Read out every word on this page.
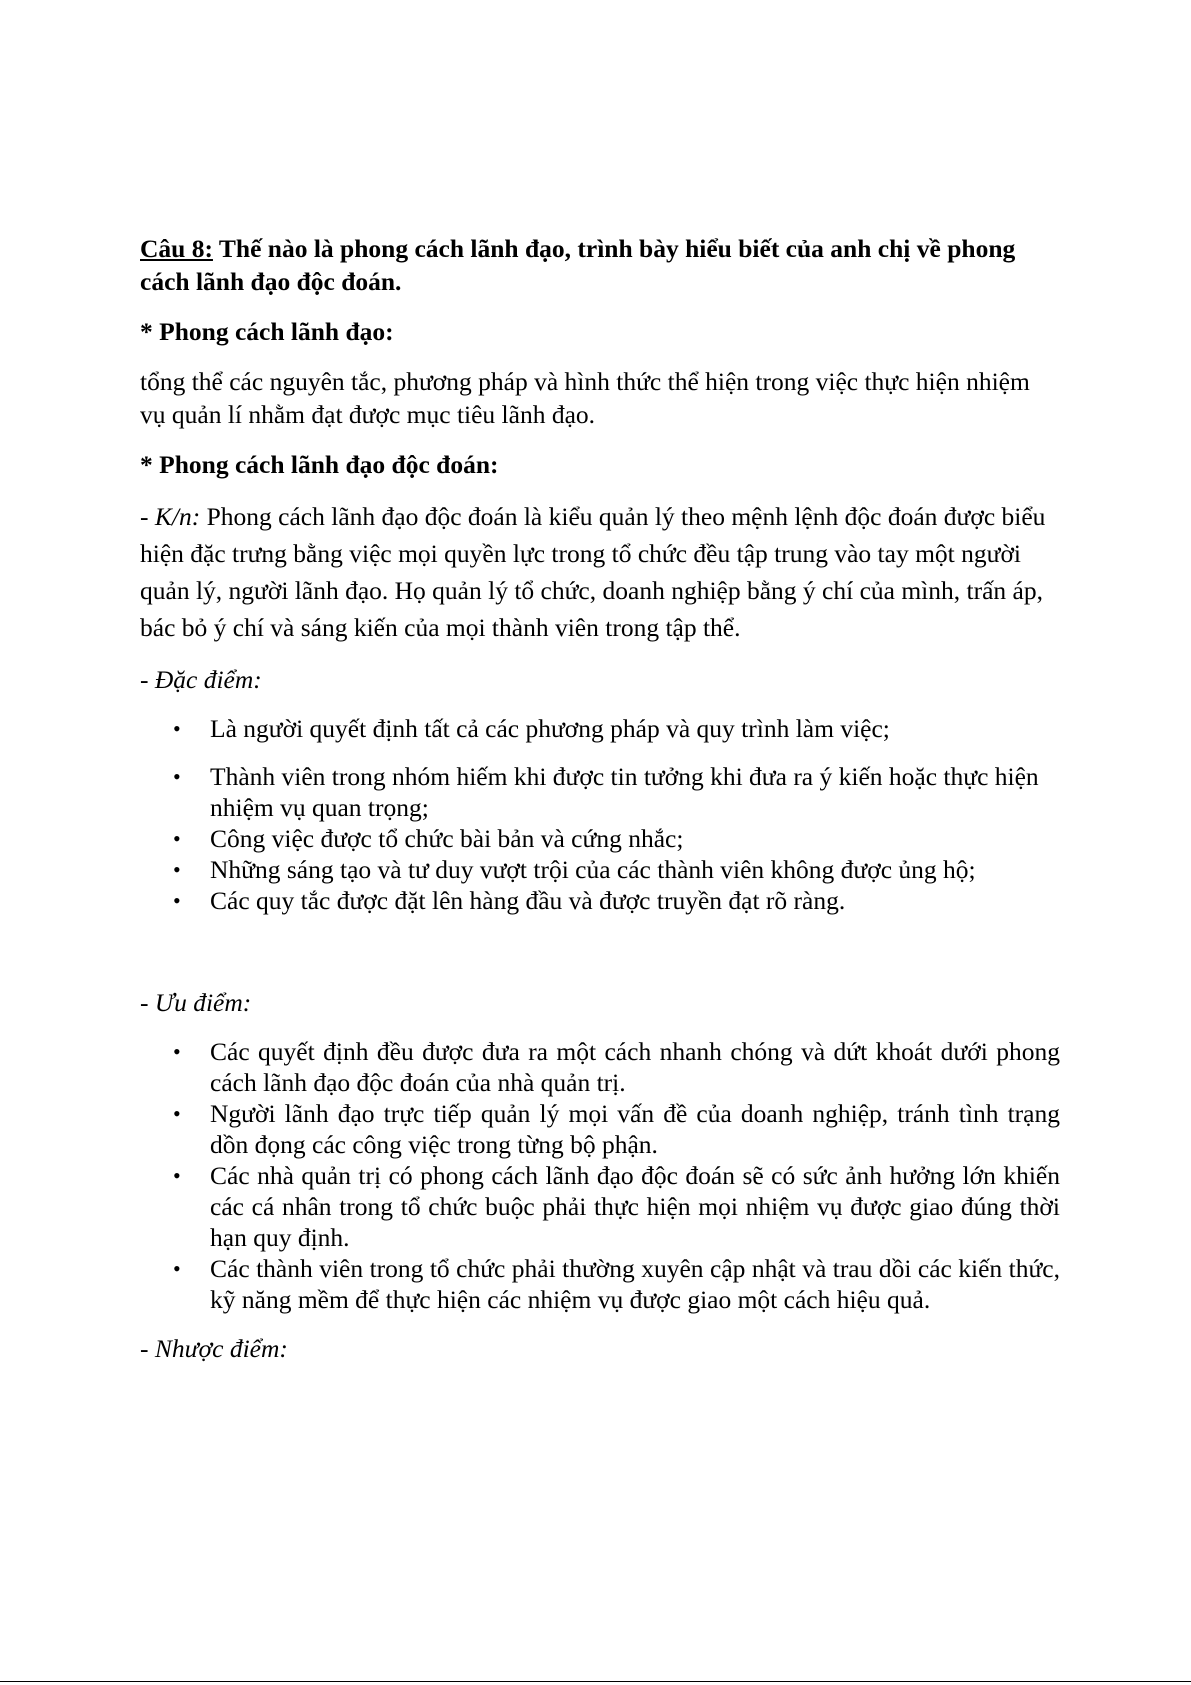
Câu 8: Thế nào là phong cách lãnh đạo, trình bày hiểu biết của anh chị về phong cách lãnh đạo độc đoán.

* Phong cách lãnh đạo:

tổng thể các nguyên tắc, phương pháp và hình thức thể hiện trong việc thực hiện nhiệm vụ quản lí nhằm đạt được mục tiêu lãnh đạo.

* Phong cách lãnh đạo độc đoán:

- K/n: Phong cách lãnh đạo độc đoán là kiểu quản lý theo mệnh lệnh độc đoán được biểu hiện đặc trưng bằng việc mọi quyền lực trong tổ chức đều tập trung vào tay một người quản lý, người lãnh đạo. Họ quản lý tổ chức, doanh nghiệp bằng ý chí của mình, trấn áp, bác bỏ ý chí và sáng kiến của mọi thành viên trong tập thể.

- Đặc điểm:

• Là người quyết định tất cả các phương pháp và quy trình làm việc;
• Thành viên trong nhóm hiếm khi được tin tưởng khi đưa ra ý kiến hoặc thực hiện nhiệm vụ quan trọng;
• Công việc được tổ chức bài bản và cứng nhắc;
• Những sáng tạo và tư duy vượt trội của các thành viên không được ủng hộ;
• Các quy tắc được đặt lên hàng đầu và được truyền đạt rõ ràng.

- Ưu điểm:

• Các quyết định đều được đưa ra một cách nhanh chóng và dứt khoát dưới phong cách lãnh đạo độc đoán của nhà quản trị.
• Người lãnh đạo trực tiếp quản lý mọi vấn đề của doanh nghiệp, tránh tình trạng dồn đọng các công việc trong từng bộ phận.
• Các nhà quản trị có phong cách lãnh đạo độc đoán sẽ có sức ảnh hưởng lớn khiến các cá nhân trong tổ chức buộc phải thực hiện mọi nhiệm vụ được giao đúng thời hạn quy định.
• Các thành viên trong tổ chức phải thường xuyên cập nhật và trau dồi các kiến thức, kỹ năng mềm để thực hiện các nhiệm vụ được giao một cách hiệu quả.

- Nhược điểm:
